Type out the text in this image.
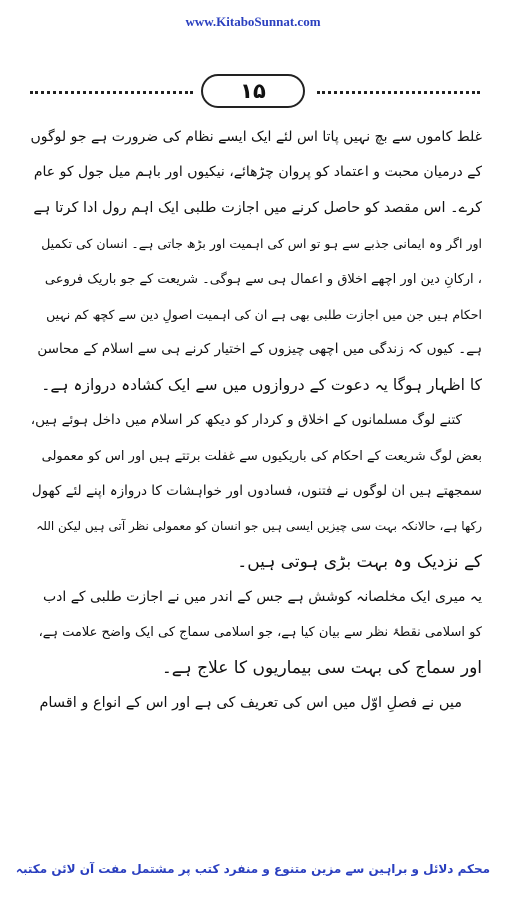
www.KitaboSunnat.com
۱۵
غلط کاموں سے بچ نہیں پاتا اس لئے ایک ایسے نظام کی ضرورت ہے جو لوگوں
کے درمیان محبت و اعتماد کو پروان چڑھائے، نیکیوں اور باہم میل جول کو عام
کرے۔ اس مقصد کو حاصل کرنے میں اجازت طلبی ایک اہم رول ادا کرتا ہے
اور اگر وہ ایمانی جذبے سے ہو تو اس کی اہمیت اور بڑھ جاتی ہے۔ انسان کی تکمیل
، ارکانِ دین اور اچھے اخلاق و اعمال ہی سے ہوگی۔ شریعت کے جو باریک فروعی
احکام ہیں جن میں اجازت طلبی بھی ہے ان کی اہمیت اصولِ دین سے کچھ کم نہیں
ہے۔ کیوں کہ زندگی میں اچھی چیزوں کے اختیار کرنے ہی سے اسلام کے محاسن
کا اظہار ہوگا یہ دعوت کے دروازوں میں سے ایک کشادہ دروازہ ہے۔
کتنے لوگ مسلمانوں کے اخلاق و کردار کو دیکھ کر اسلام میں داخل ہوئے ہیں،
بعض لوگ شریعت کے احکام کی باریکیوں سے غفلت برتتے ہیں اور اس کو معمولی
سمجھتے ہیں ان لوگوں نے فتنوں، فسادوں اور خواہشات کا دروازہ اپنے لئے کھول
رکھا ہے، حالانکہ بہت سی چیزیں ایسی ہیں جو انسان کو معمولی نظر آتی ہیں لیکن اللہ
کے نزدیک وہ بہت بڑی ہوتی ہیں۔
یہ میری ایک مخلصانہ کوشش ہے جس کے اندر میں نے اجازت طلبی کے ادب
کو اسلامی نقطۂ نظر سے بیان کیا ہے، جو اسلامی سماج کی ایک واضح علامت ہے،
اور سماج کی بہت سی بیماریوں کا علاج ہے۔
میں نے فصلِ اوّل میں اس کی تعریف کی ہے اور اس کے انواع و اقسام
محکم دلائل و براہین سے مزین متنوع و منفرد کتب پر مشتمل مفت آن لائن مکتبہ
